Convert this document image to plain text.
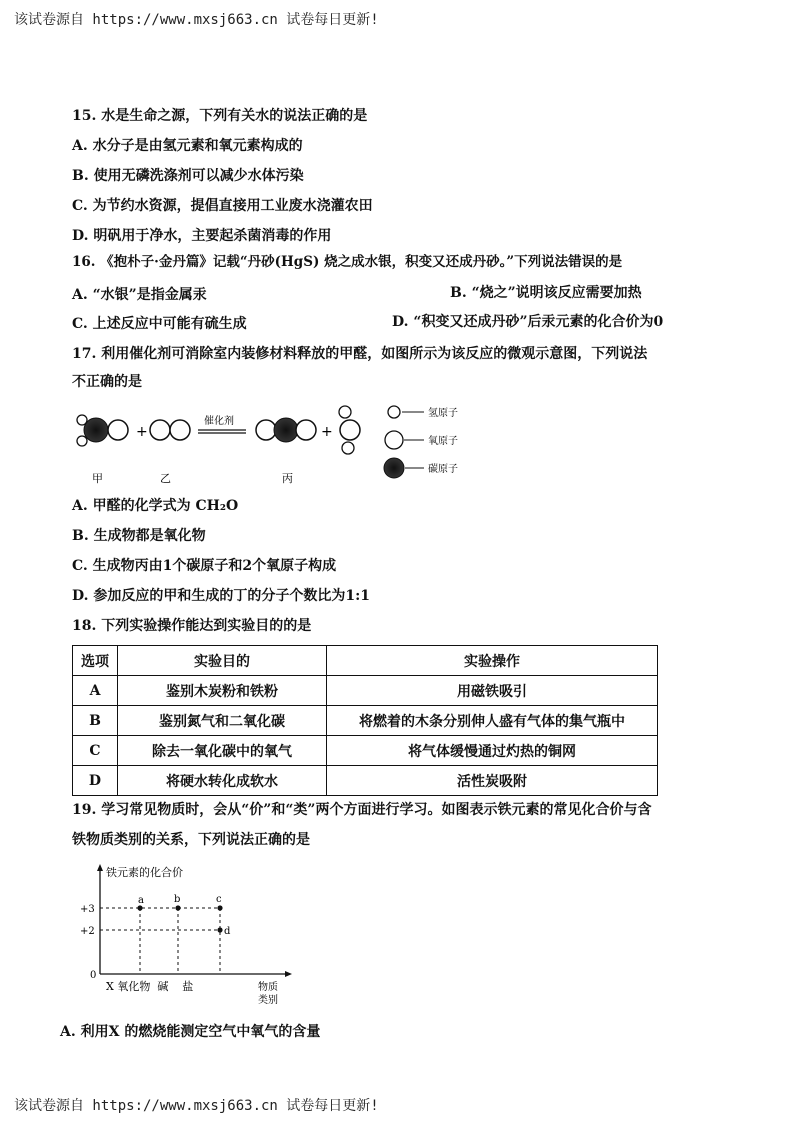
该试卷源自 https://www.mxsj663.cn 试卷每日更新!
该试卷源自 https://www.mxsj663.cn 试卷每日更新!
15. 水是生命之源，下列有关水的说法正确的是
A. 水分子是由氢元素和氧元素构成的
B. 使用无磷洗涤剂可以减少水体污染
C. 为节约水资源，提倡直接用工业废水浇灌农田
D. 明矾用于净水，主要起杀菌消毒的作用
16. 《抱朴子·金丹篇》记载“丹砂(HgS) 烧之成水银，积变又还成丹砂。”下列说法错误的是
A. “水银”是指金属汞	B. “烧之”说明该反应需要加热
C. 上述反应中可能有硫生成	D. “积变又还成丹砂”后汞元素的化合价为0
17. 利用催化剂可消除室内装修材料释放的甲醛，如图所示为该反应的微观示意图，下列说法
不正确的是
+
催化剂
+
甲	乙	丙
氢原子
氧原子
碳原子
A. 甲醛的化学式为 CH₂O
B. 生成物都是氧化物
C. 生成物丙由1个碳原子和2个氧原子构成
D. 参加反应的甲和生成的丁的分子个数比为1:1
18. 下列实验操作能达到实验目的的是
选项	实验目的	实验操作
A	鉴别木炭粉和铁粉	用磁铁吸引
B	鉴别氮气和二氧化碳	将燃着的木条分别伸人盛有气体的集气瓶中
C	除去一氧化碳中的氧气	将气体缓慢通过灼热的铜网
D	将硬水转化成软水	活性炭吸附
19. 学习常见物质时，会从“价”和“类”两个方面进行学习。如图表示铁元素的常见化合价与含
铁物质类别的关系，下列说法正确的是
铁元素的化合价
+3
+2
0
a	b	c
d
X 氧化物  碱    盐	物质
类别
A. 利用X 的燃烧能测定空气中氧气的含量
